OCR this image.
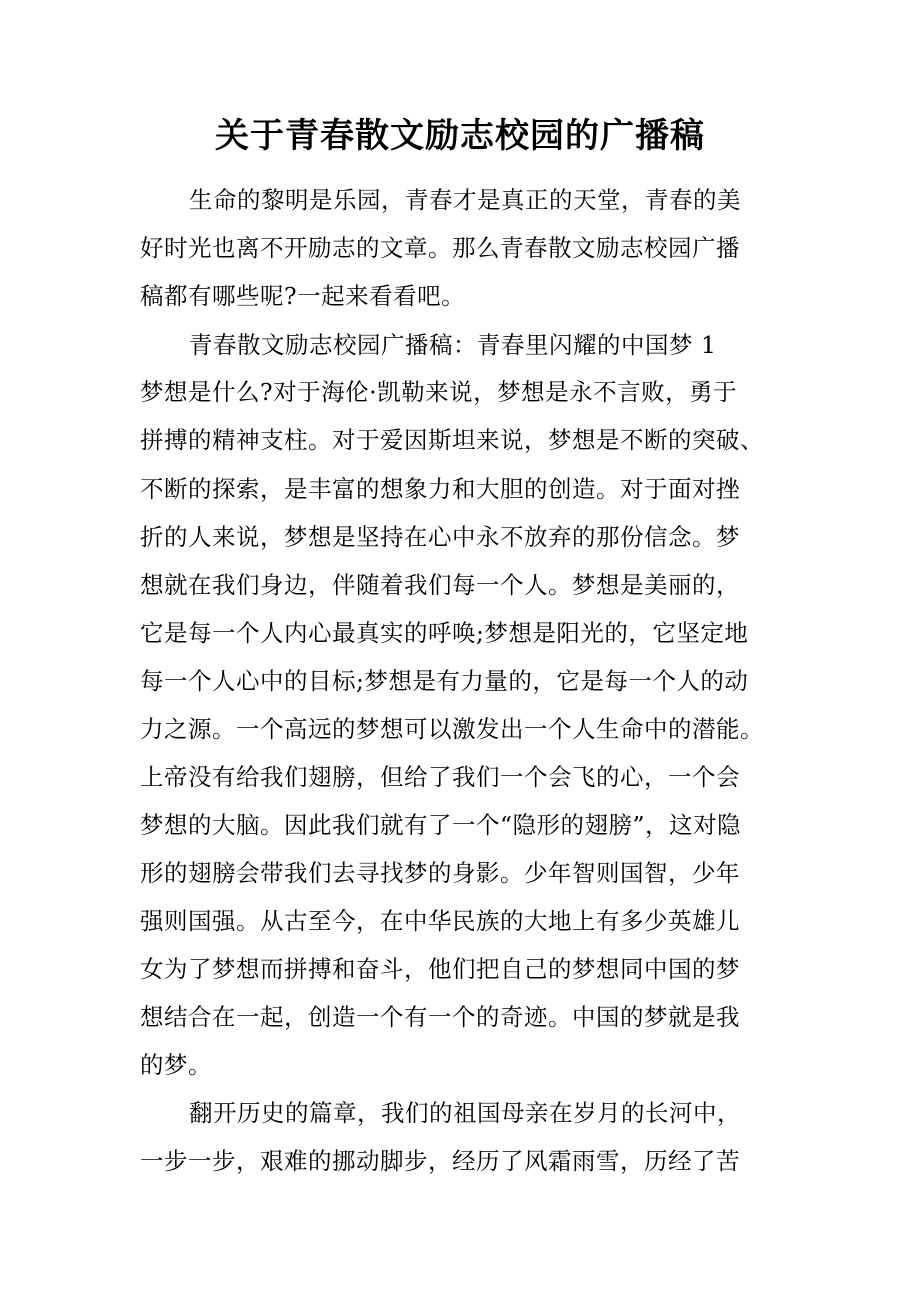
关于青春散文励志校园的广播稿
生命的黎明是乐园，青春才是真正的天堂，青春的美
好时光也离不开励志的文章。那么青春散文励志校园广播
稿都有哪些呢?一起来看看吧。
青春散文励志校园广播稿：青春里闪耀的中国梦 1
梦想是什么?对于海伦·凯勒来说，梦想是永不言败，勇于
拼搏的精神支柱。对于爱因斯坦来说，梦想是不断的突破、
不断的探索，是丰富的想象力和大胆的创造。对于面对挫
折的人来说，梦想是坚持在心中永不放弃的那份信念。梦
想就在我们身边，伴随着我们每一个人。梦想是美丽的，
它是每一个人内心最真实的呼唤;梦想是阳光的，它坚定地
每一个人心中的目标;梦想是有力量的，它是每一个人的动
力之源。一个高远的梦想可以激发出一个人生命中的潜能。
上帝没有给我们翅膀，但给了我们一个会飞的心，一个会
梦想的大脑。因此我们就有了一个“隐形的翅膀”，这对隐
形的翅膀会带我们去寻找梦的身影。少年智则国智，少年
强则国强。从古至今，在中华民族的大地上有多少英雄儿
女为了梦想而拼搏和奋斗，他们把自己的梦想同中国的梦
想结合在一起，创造一个有一个的奇迹。中国的梦就是我
的梦。
翻开历史的篇章，我们的祖国母亲在岁月的长河中，
一步一步，艰难的挪动脚步，经历了风霜雨雪，历经了苦
